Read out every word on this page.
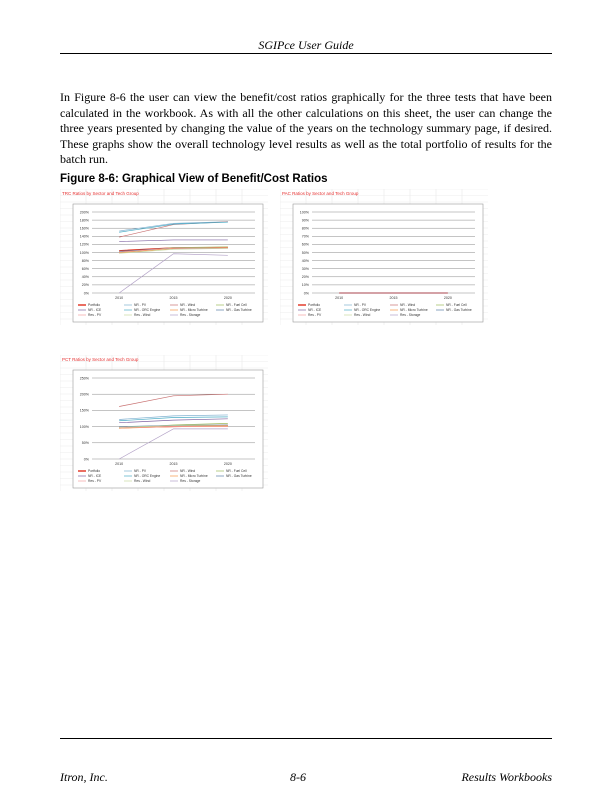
SGIPce User Guide

In Figure 8-6 the user can view the benefit/cost ratios graphically for the three tests that have been calculated in the workbook. As with all the other calculations on this sheet, the user can change the three years presented by changing the value of the years on the technology summary page, if desired. These graphs show the overall technology level results as well as the total portfolio of results for the batch run.

Figure 8-6: Graphical View of Benefit/Cost Ratios
TRC Ratios by Sector and Tech Group
0%
20%
40%
60%
80%
100%
120%
140%
160%
180%
200%
2010	2015	2020
Portfolio	NR - PV	NR - Wind	NR - Fuel Cell
NR - ICE	NR - ORC Engine	NR - Micro Turbine	NR - Gas Turbine
Res - PV	Res - Wind	Res - Storage
PAC Ratios by Sector and Tech Group
0%
10%
20%
30%
40%
50%
60%
70%
80%
90%
100%
2010	2015	2020
Portfolio	NR - PV	NR - Wind	NR - Fuel Cell
NR - ICE	NR - ORC Engine	NR - Micro Turbine	NR - Gas Turbine
Res - PV	Res - Wind	Res - Storage
PCT Ratios by Sector and Tech Group
0%
50%
100%
150%
200%
250%
2010	2015	2020
Portfolio	NR - PV	NR - Wind	NR - Fuel Cell
NR - ICE	NR - ORC Engine	NR - Micro Turbine	NR - Gas Turbine
Res - PV	Res - Wind	Res - Storage
Itron, Inc.	8-6	Results Workbooks
